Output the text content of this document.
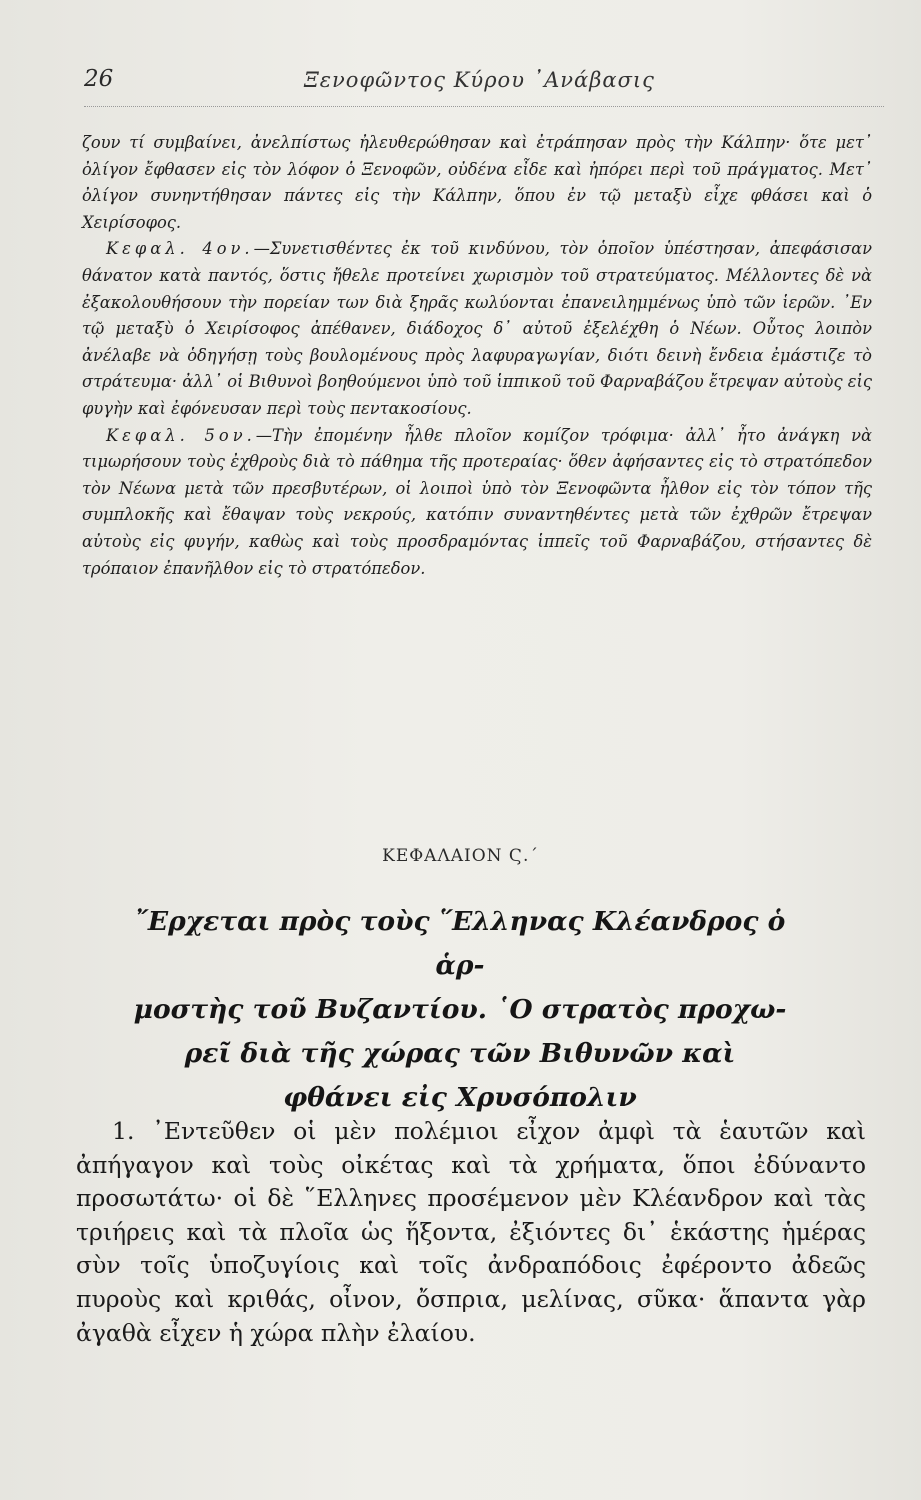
26	Ξενοφῶντος Κύρου ᾿Ανάβασις

ζουν τί συμβαίνει, ἀνελπίστως ἠλευθερώθησαν καὶ ἐτράπησαν πρὸς τὴν Κάλπην· ὅτε μετ᾽ ὀλίγον ἔφθασεν εἰς τὸν λόφον ὁ Ξενοφῶν, οὐδένα εἶδε καὶ ἠπόρει περὶ τοῦ πράγματος. Μετ᾽ ὀλίγον συνηντήθησαν πάντες εἰς τὴν Κάλπην, ὅπου ἐν τῷ μεταξὺ εἶχε φθάσει καὶ ὁ Χειρίσοφος.

Κεφαλ. 4ον.—Συνετισθέντες ἐκ τοῦ κινδύνου, τὸν ὁποῖον ὑπέστησαν, ἀπεφάσισαν θάνατον κατὰ παντός, ὅστις ἤθελε προτείνει χωρισμὸν τοῦ στρατεύματος. Μέλλοντες δὲ νὰ ἐξακολουθήσουν τὴν πορείαν των διὰ ξηρᾶς κωλύονται ἐπανειλημμένως ὑπὸ τῶν ἱερῶν. ᾿Εν τῷ μεταξὺ ὁ Χειρίσοφος ἀπέθανεν, διάδοχος δ᾽ αὐτοῦ ἐξελέχθη ὁ Νέων. Οὗτος λοιπὸν ἀνέλαβε νὰ ὁδηγήσῃ τοὺς βουλομένους πρὸς λαφυραγωγίαν, διότι δεινὴ ἔνδεια ἐμάστιζε τὸ στράτευμα· ἀλλ᾽ οἱ Βιθυνοὶ βοηθούμενοι ὑπὸ τοῦ ἱππικοῦ τοῦ Φαρναβάζου ἔτρεψαν αὐτοὺς εἰς φυγὴν καὶ ἐφόνευσαν περὶ τοὺς πεντακοσίους.

Κεφαλ. 5ον.—Τὴν ἐπομένην ἦλθε πλοῖον κομίζον τρόφιμα· ἀλλ᾽ ἦτο ἀνάγκη νὰ τιμωρήσουν τοὺς ἐχθροὺς διὰ τὸ πάθημα τῆς προτεραίας· ὅθεν ἀφήσαντες εἰς τὸ στρατόπεδον τὸν Νέωνα μετὰ τῶν πρεσβυτέρων, οἱ λοιποὶ ὑπὸ τὸν Ξενοφῶντα ἦλθον εἰς τὸν τόπον τῆς συμπλοκῆς καὶ ἔθαψαν τοὺς νεκρούς, κατόπιν συναντηθέντες μετὰ τῶν ἐχθρῶν ἔτρεψαν αὐτοὺς εἰς φυγήν, καθὼς καὶ τοὺς προσδραμόντας ἱππεῖς τοῦ Φαρναβάζου, στήσαντες δὲ τρόπαιον ἐπανῆλθον εἰς τὸ στρατόπεδον.

ΚΕΦΑΛΑΙΟΝ Ϛ.΄
῎Ερχεται πρὸς τοὺς ῞Ελληνας Κλέανδρος ὁ ἁρ-
μοστὴς τοῦ Βυζαντίου. ῾Ο στρατὸς προχω-
ρεῖ διὰ τῆς χώρας τῶν Βιθυνῶν καὶ
φθάνει εἰς Χρυσόπολιν

1. ᾿Εντεῦθεν οἱ μὲν πολέμιοι εἶχον ἀμφὶ τὰ ἑαυτῶν καὶ ἀπήγαγον καὶ τοὺς οἰκέτας καὶ τὰ χρήματα, ὅποι ἐδύναντο προσωτάτω· οἱ δὲ ῞Ελληνες προσέμενον μὲν Κλέανδρον καὶ τὰς τριήρεις καὶ τὰ πλοῖα ὡς ἥξοντα, ἐξιόντες δι᾽ ἑκάστης ἡμέρας σὺν τοῖς ὑποζυγίοις καὶ τοῖς ἀνδραπόδοις ἐφέροντο ἀδεῶς πυροὺς καὶ κριθάς, οἶνον, ὄσπρια, μελίνας, σῦκα· ἅπαντα γὰρ ἀγαθὰ εἶχεν ἡ χώρα πλὴν ἐλαίου.
